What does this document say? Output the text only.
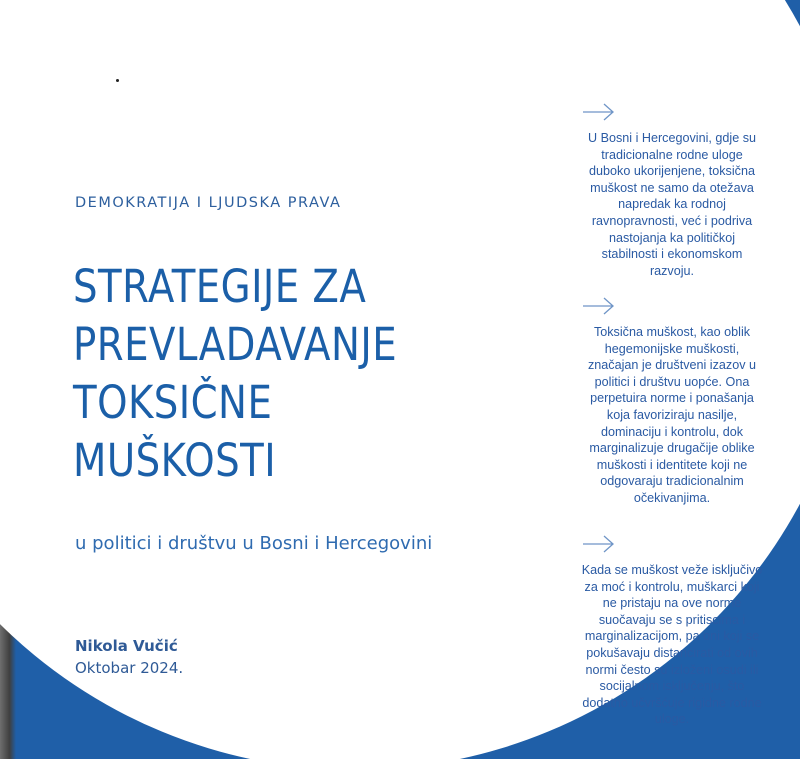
DEMOKRATIJA I LJUDSKA PRAVA
STRATEGIJE ZA
PREVLADAVANJE
TOKSIČNE
MUŠKOSTI
u politici i društvu u Bosni i Hercegovini
Nikola Vučić
Oktobar 2024.
U Bosni i Hercegovini, gdje su tradicionalne rodne uloge duboko ukorijenjene, toksična muškost ne samo da otežava napredak ka rodnoj ravnopravnosti, već i podriva nastojanja ka političkoj stabilnosti i ekonomskom razvoju.
Toksična muškost, kao oblik hegemonijske muškosti, značajan je društveni izazov u politici i društvu uopće. Ona perpetuira norme i ponašanja koja favoriziraju nasilje, dominaciju i kontrolu, dok marginalizuje drugačije oblike muškosti i identitete koji ne odgovaraju tradicionalnim očekivanjima.
Kada se muškost veže isključivo za moć i kontrolu, muškarci koji ne pristaju na ove norme suočavaju se s pritiscima i marginalizacijom, pa oni koji se pokušavaju distancirati od ovih normi često su izloženi osudi ili socijalnom isključenju, što dodatno učvršćuje rigidne rodne uloge.
